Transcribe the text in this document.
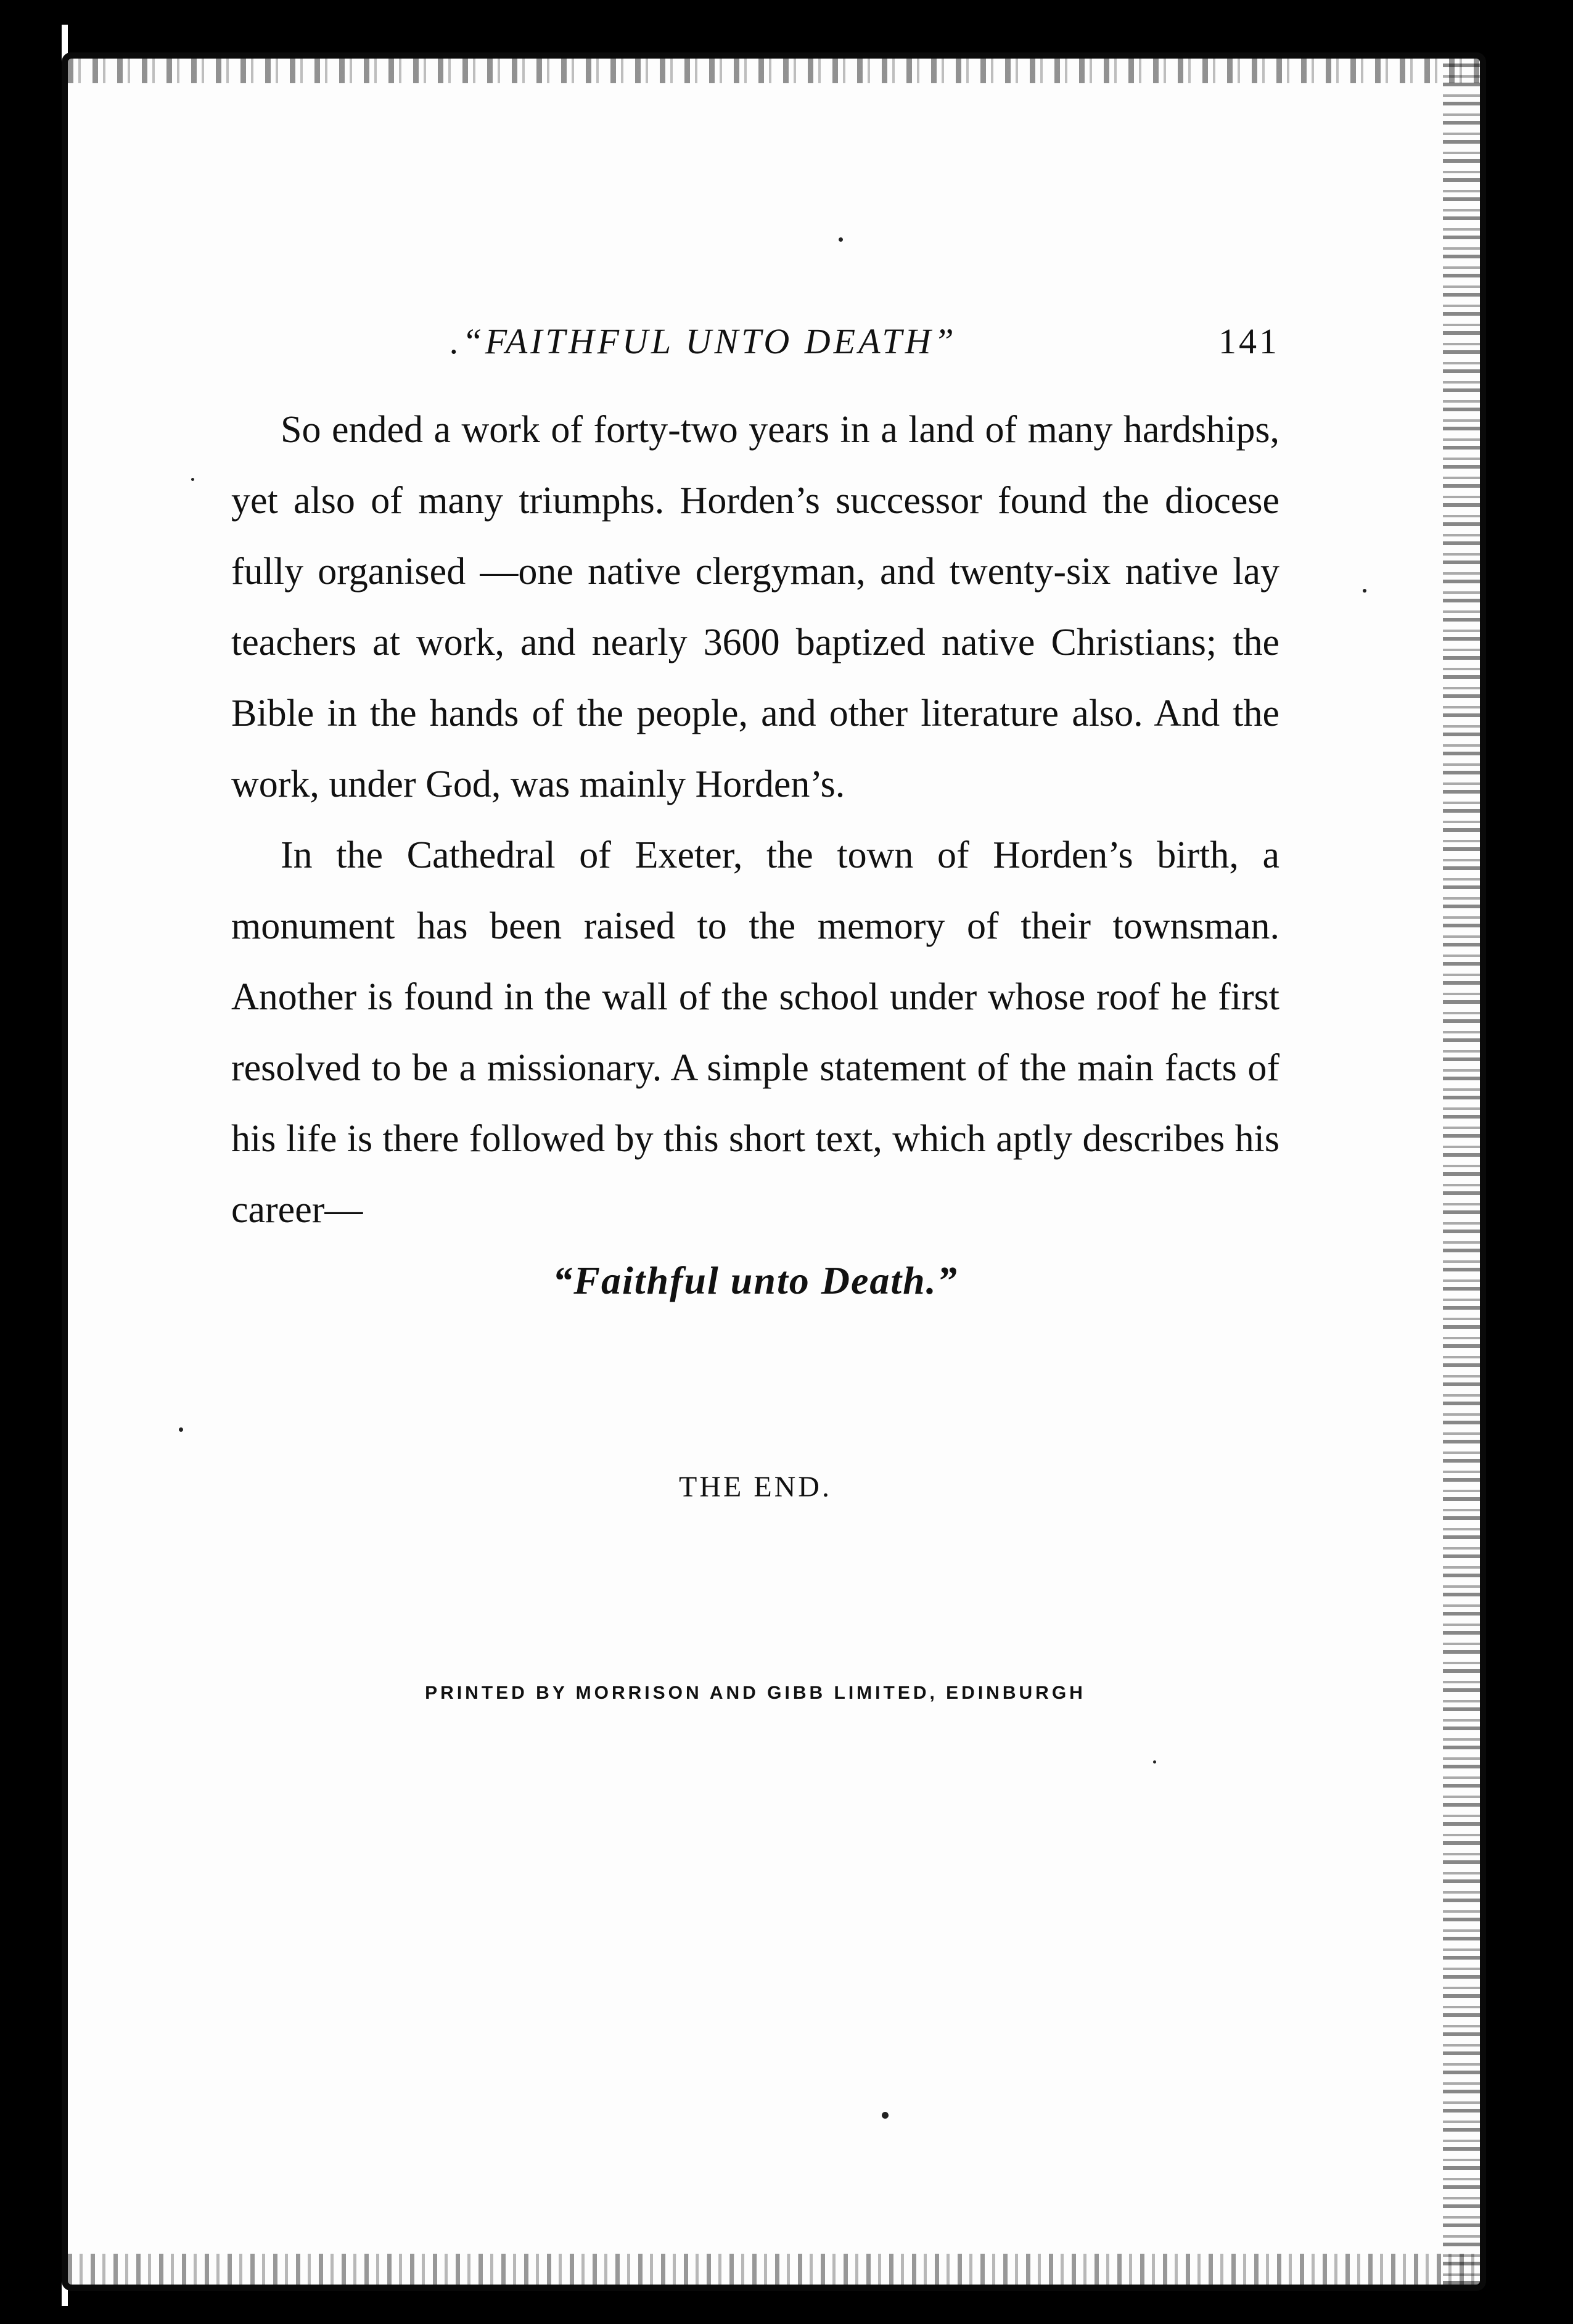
.“FAITHFUL UNTO DEATH”	141

So ended a work of forty-two years in a land of many hardships, yet also of many triumphs. Horden’s successor found the diocese fully organised —one native clergyman, and twenty-six native lay teachers at work, and nearly 3600 baptized native Christians; the Bible in the hands of the people, and other literature also. And the work, under God, was mainly Horden’s.

In the Cathedral of Exeter, the town of Horden’s birth, a monument has been raised to the memory of their townsman. Another is found in the wall of the school under whose roof he first resolved to be a missionary. A simple statement of the main facts of his life is there followed by this short text, which aptly describes his career—

“Faithful unto Death.”
THE END.
PRINTED BY MORRISON AND GIBB LIMITED, EDINBURGH
